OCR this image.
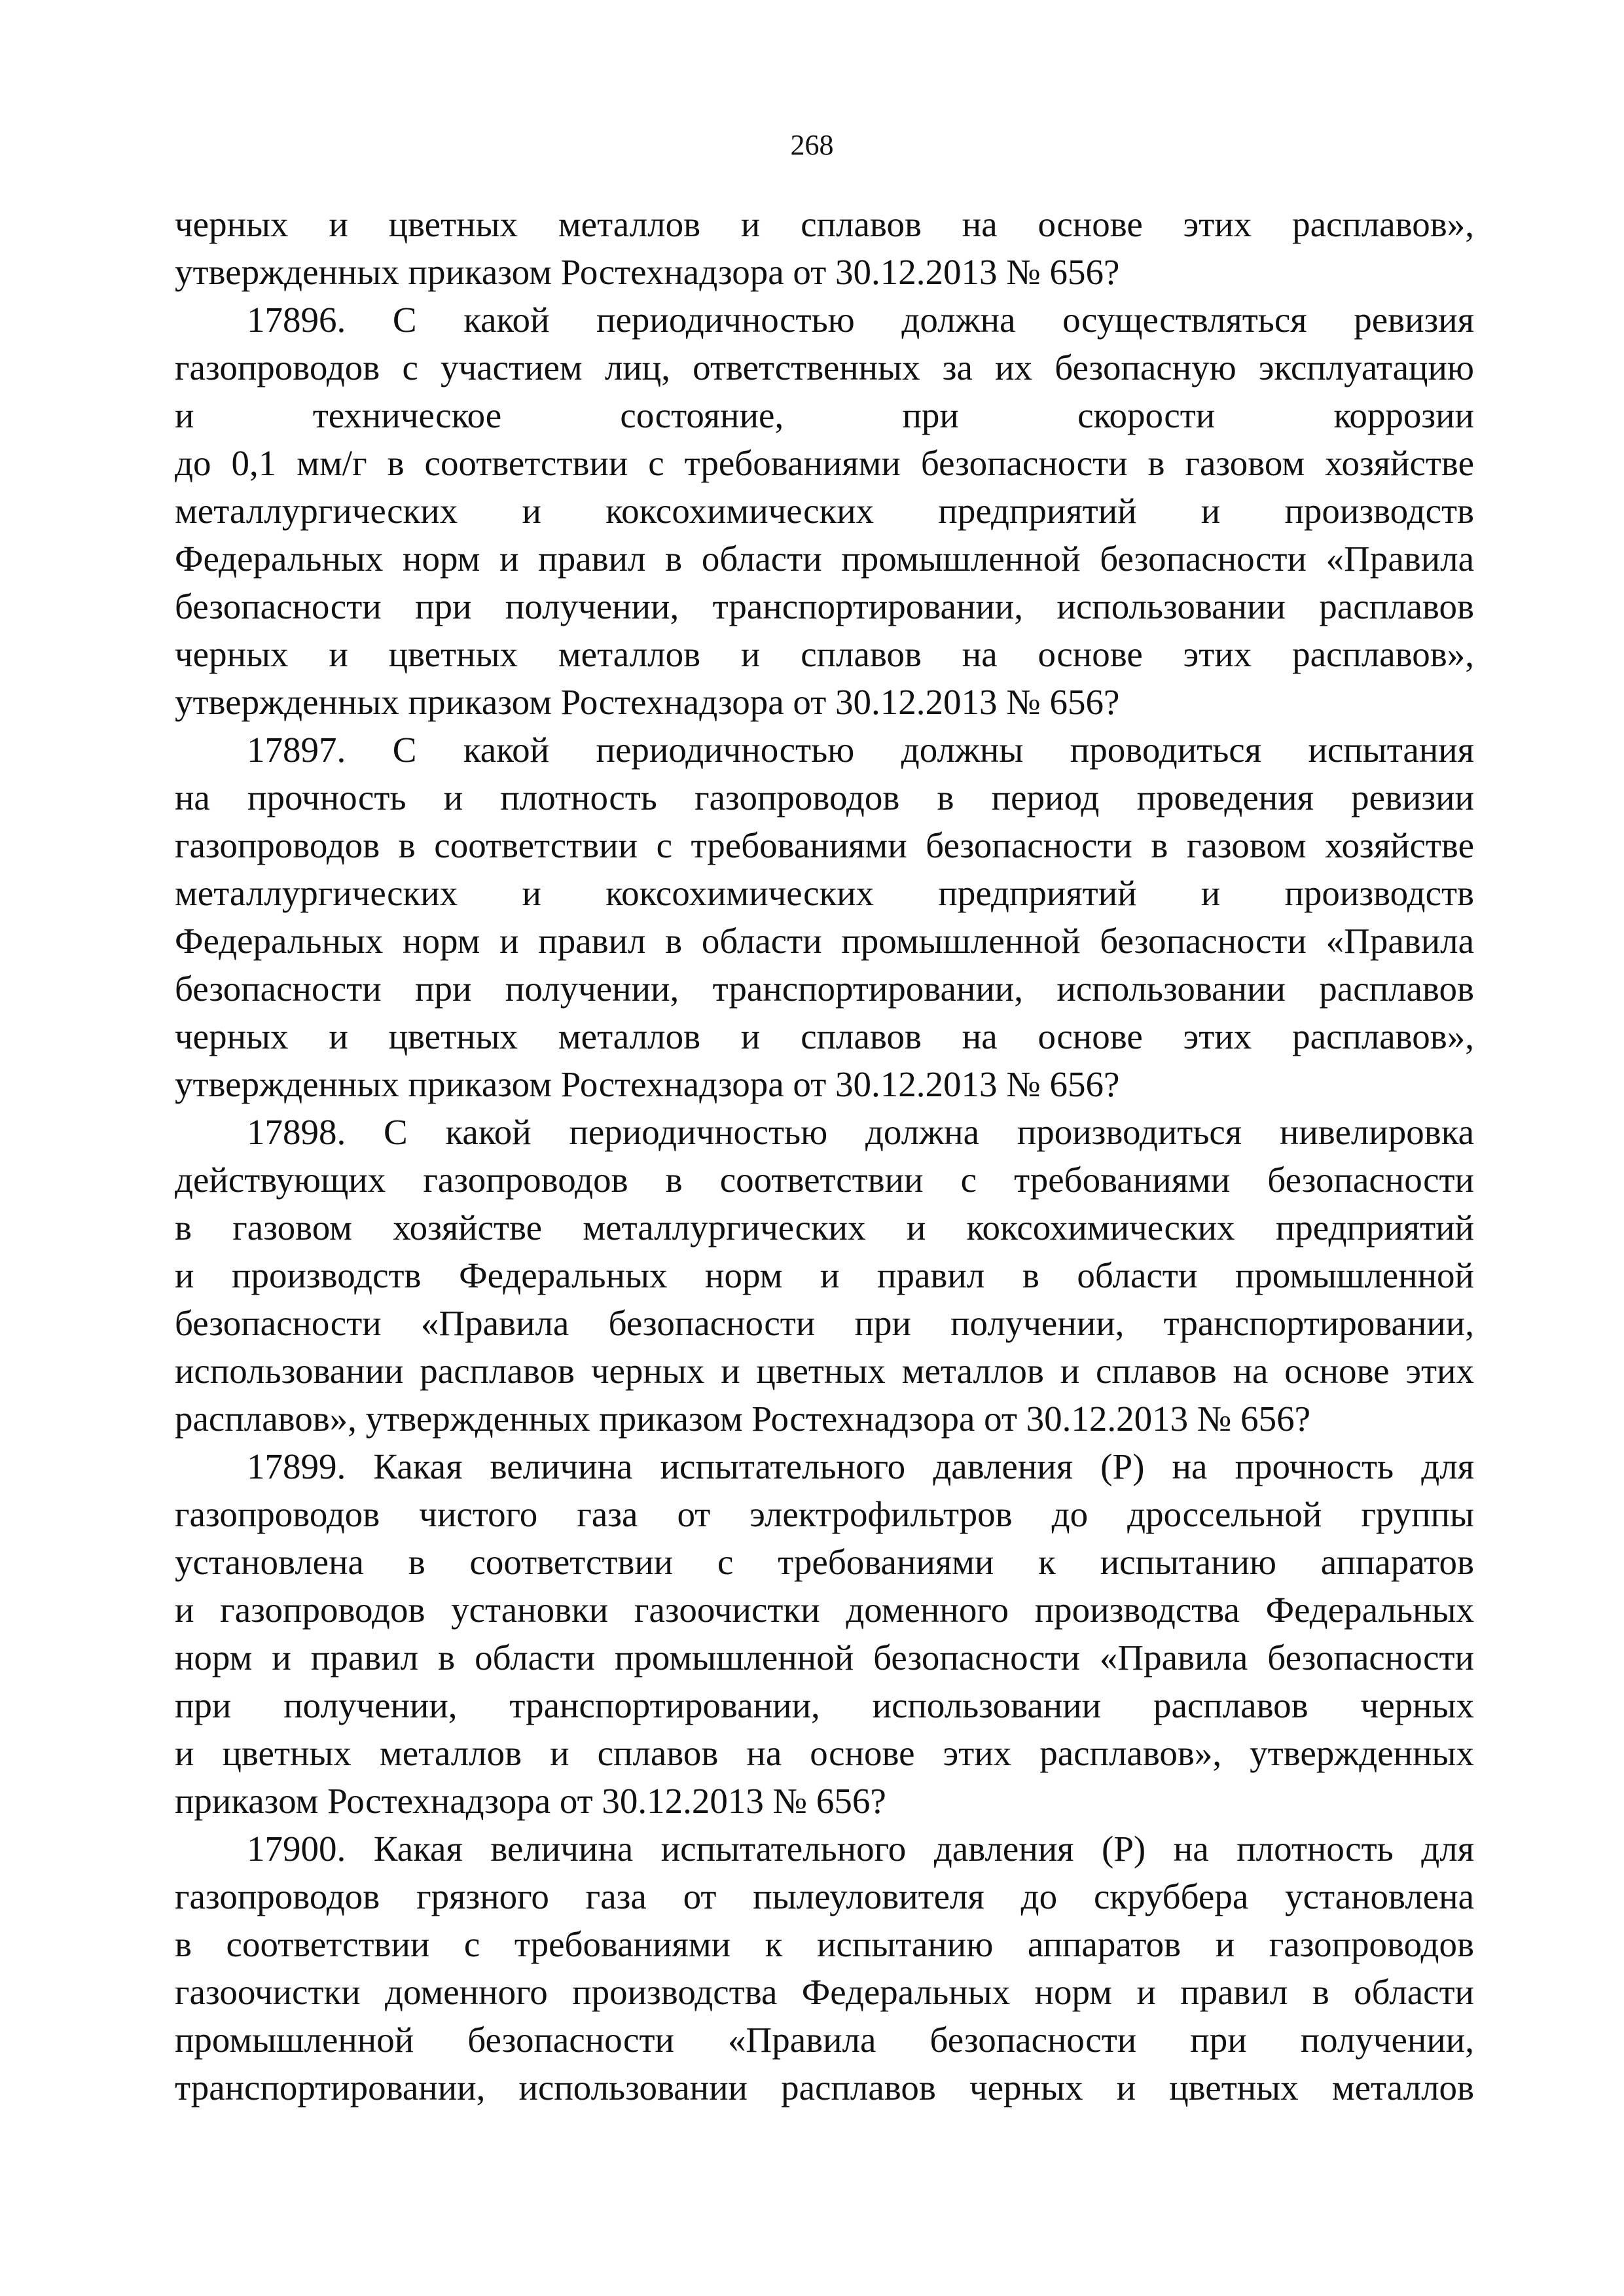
268
черных и цветных металлов и сплавов на основе этих расплавов»,
утвержденных приказом Ростехнадзора от 30.12.2013 № 656?
17896. С какой периодичностью должна осуществляться ревизия
газопроводов с участием лиц, ответственных за их безопасную эксплуатацию
и техническое состояние, при скорости коррозии
до 0,1 мм/г в соответствии с требованиями безопасности в газовом хозяйстве
металлургических и коксохимических предприятий и производств
Федеральных норм и правил в области промышленной безопасности «Правила
безопасности при получении, транспортировании, использовании расплавов
черных и цветных металлов и сплавов на основе этих расплавов»,
утвержденных приказом Ростехнадзора от 30.12.2013 № 656?
17897. С какой периодичностью должны проводиться испытания
на прочность и плотность газопроводов в период проведения ревизии
газопроводов в соответствии с требованиями безопасности в газовом хозяйстве
металлургических и коксохимических предприятий и производств
Федеральных норм и правил в области промышленной безопасности «Правила
безопасности при получении, транспортировании, использовании расплавов
черных и цветных металлов и сплавов на основе этих расплавов»,
утвержденных приказом Ростехнадзора от 30.12.2013 № 656?
17898. С какой периодичностью должна производиться нивелировка
действующих газопроводов в соответствии с требованиями безопасности
в газовом хозяйстве металлургических и коксохимических предприятий
и производств Федеральных норм и правил в области промышленной
безопасности «Правила безопасности при получении, транспортировании,
использовании расплавов черных и цветных металлов и сплавов на основе этих
расплавов», утвержденных приказом Ростехнадзора от 30.12.2013 № 656?
17899. Какая величина испытательного давления (Р) на прочность для
газопроводов чистого газа от электрофильтров до дроссельной группы
установлена в соответствии с требованиями к испытанию аппаратов
и газопроводов установки газоочистки доменного производства Федеральных
норм и правил в области промышленной безопасности «Правила безопасности
при получении, транспортировании, использовании расплавов черных
и цветных металлов и сплавов на основе этих расплавов», утвержденных
приказом Ростехнадзора от 30.12.2013 № 656?
17900. Какая величина испытательного давления (Р) на плотность для
газопроводов грязного газа от пылеуловителя до скруббера установлена
в соответствии с требованиями к испытанию аппаратов и газопроводов
газоочистки доменного производства Федеральных норм и правил в области
промышленной безопасности «Правила безопасности при получении,
транспортировании, использовании расплавов черных и цветных металлов
